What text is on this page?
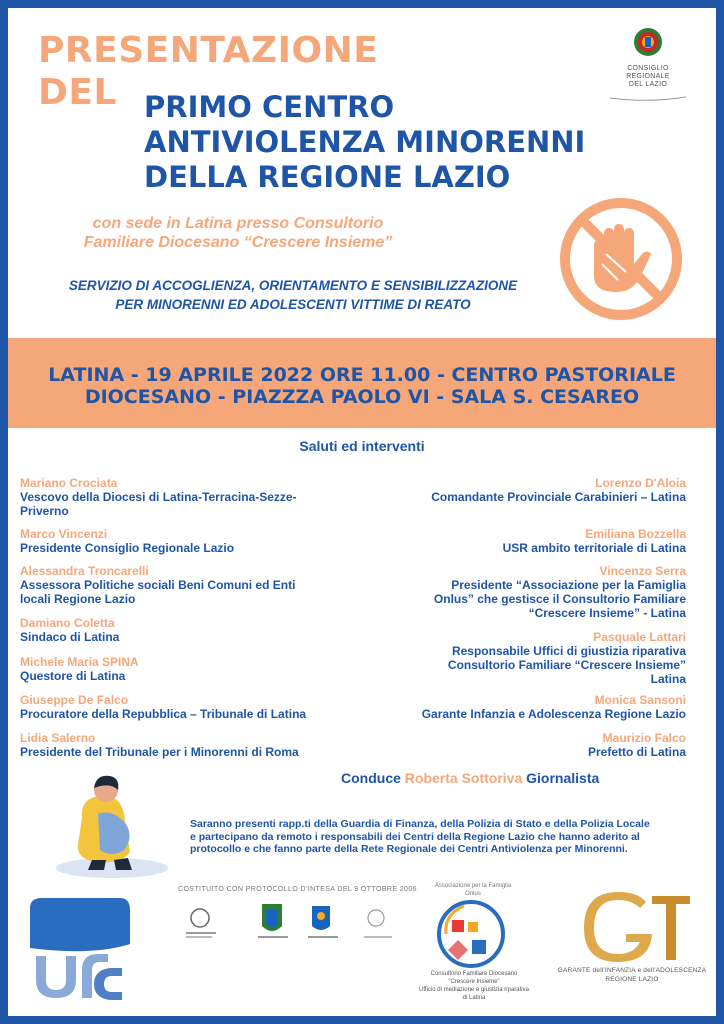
PRESENTAZIONE
DEL PRIMO CENTRO
ANTIVIOLENZA MINORENNI
DELLA REGIONE LAZIO
CONSIGLIO
REGIONALE
DEL LAZIO
con sede in Latina presso Consultorio
Familiare Diocesano “Crescere Insieme”
SERVIZIO DI ACCOGLIENZA, ORIENTAMENTO E SENSIBILIZZAZIONE
PER MINORENNI ED ADOLESCENTI VITTIME DI REATO
LATINA - 19 APRILE 2022 ORE 11.00 - CENTRO PASTORIALE
DIOCESANO - PIAZZZA PAOLO VI - SALA S. CESAREO
Saluti ed interventi
Mariano Crociata
Vescovo della Diocesi di Latina-Terracina-Sezze-
Priverno
Marco Vincenzi
Presidente Consiglio Regionale Lazio
Alessandra Troncarelli
Assessora Politiche sociali Beni Comuni ed Enti
locali Regione Lazio
Damiano Coletta
Sindaco di Latina
Michele Maria SPINA
Questore di Latina
Giuseppe De Falco
Procuratore della Repubblica – Tribunale di Latina
Lidia Salerno
Presidente del Tribunale per i Minorenni di Roma
Lorenzo D'Aloia
Comandante Provinciale Carabinieri – Latina
Emiliana Bozzella
USR ambito territoriale di Latina
Vincenzo Serra
Presidente “Associazione per la Famiglia
Onlus” che gestisce il Consultorio Familiare
“Crescere Insieme” - Latina
Pasquale Lattari
Responsabile Uffici di giustizia riparativa
Consultorio Familiare “Crescere Insieme”
Latina
Monica Sansoni
Garante Infanzia e Adolescenza Regione Lazio
Maurizio Falco
Prefetto di Latina
Conduce Roberta Sottoriva Giornalista
Saranno presenti rapp.ti della Guardia di Finanza, della Polizia di Stato e della Polizia Locale
e partecipano da remoto i responsabili dei Centri della Regione Lazio che hanno aderito al
protocollo e che fanno parte della Rete Regionale dei Centri Antiviolenza per Minorenni.
"In Mediazione"
COSTITUITO CON PROTOCOLLO D'INTESA DEL 9 OTTOBRE 2006	Associazione per la Famiglia
Onlus
Consultorio Familiare Diocesano
"Crescere Insieme"
Ufficio di mediazione e giustizia riparativa
di Latina
GARANTE dell'INFANZIA e dell'ADOLESCENZA
REGIONE LAZIO
